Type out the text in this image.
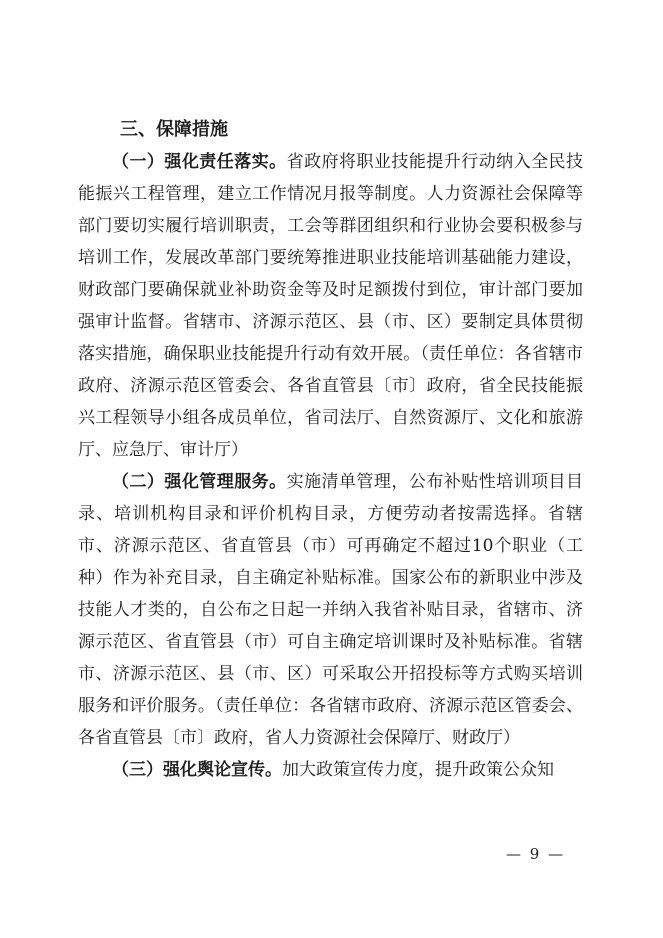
三、保障措施

（一）强化责任落实。省政府将职业技能提升行动纳入全民技能振兴工程管理，建立工作情况月报等制度。人力资源社会保障等部门要切实履行培训职责，工会等群团组织和行业协会要积极参与培训工作，发展改革部门要统筹推进职业技能培训基础能力建设，财政部门要确保就业补助资金等及时足额拨付到位，审计部门要加强审计监督。省辖市、济源示范区、县（市、区）要制定具体贯彻落实措施，确保职业技能提升行动有效开展。（责任单位：各省辖市政府、济源示范区管委会、各省直管县〔市〕政府，省全民技能振兴工程领导小组各成员单位，省司法厅、自然资源厅、文化和旅游厅、应急厅、审计厅）

（二）强化管理服务。实施清单管理，公布补贴性培训项目目录、培训机构目录和评价机构目录，方便劳动者按需选择。省辖市、济源示范区、省直管县（市）可再确定不超过10个职业（工种）作为补充目录，自主确定补贴标准。国家公布的新职业中涉及技能人才类的，自公布之日起一并纳入我省补贴目录，省辖市、济源示范区、省直管县（市）可自主确定培训课时及补贴标准。省辖市、济源示范区、县（市、区）可采取公开招投标等方式购买培训服务和评价服务。（责任单位：各省辖市政府、济源示范区管委会、各省直管县〔市〕政府，省人力资源社会保障厅、财政厅）

（三）强化舆论宣传。加大政策宣传力度，提升政策公众知

— 9 —
